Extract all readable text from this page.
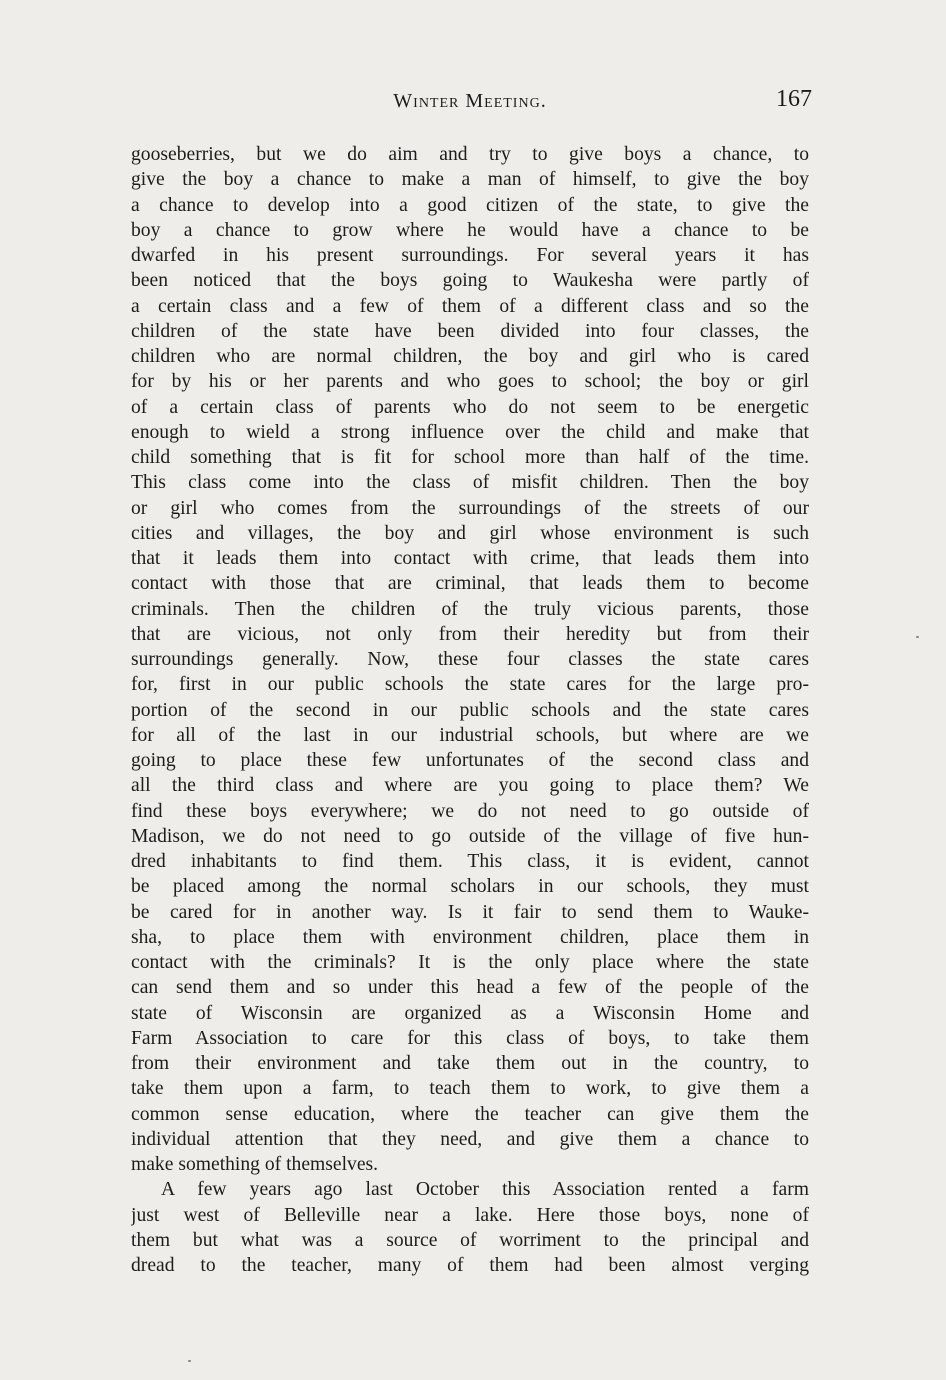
Winter Meeting.	167
gooseberries, but we do aim and try to give boys a chance, to
give the boy a chance to make a man of himself, to give the boy
a chance to develop into a good citizen of the state, to give the
boy a chance to grow where he would have a chance to be
dwarfed in his present surroundings. For several years it has
been noticed that the boys going to Waukesha were partly of
a certain class and a few of them of a different class and so the
children of the state have been divided into four classes, the
children who are normal children, the boy and girl who is cared
for by his or her parents and who goes to school; the boy or girl
of a certain class of parents who do not seem to be energetic
enough to wield a strong influence over the child and make that
child something that is fit for school more than half of the time.
This class come into the class of misfit children. Then the boy
or girl who comes from the surroundings of the streets of our
cities and villages, the boy and girl whose environment is such
that it leads them into contact with crime, that leads them into
contact with those that are criminal, that leads them to become
criminals. Then the children of the truly vicious parents, those
that are vicious, not only from their heredity but from their
surroundings generally. Now, these four classes the state cares
for, first in our public schools the state cares for the large pro-
portion of the second in our public schools and the state cares
for all of the last in our industrial schools, but where are we
going to place these few unfortunates of the second class and
all the third class and where are you going to place them? We
find these boys everywhere; we do not need to go outside of
Madison, we do not need to go outside of the village of five hun-
dred inhabitants to find them. This class, it is evident, cannot
be placed among the normal scholars in our schools, they must
be cared for in another way. Is it fair to send them to Wauke-
sha, to place them with environment children, place them in
contact with the criminals? It is the only place where the state
can send them and so under this head a few of the people of the
state of Wisconsin are organized as a Wisconsin Home and
Farm Association to care for this class of boys, to take them
from their environment and take them out in the country, to
take them upon a farm, to teach them to work, to give them a
common sense education, where the teacher can give them the
individual attention that they need, and give them a chance to
make something of themselves.
A few years ago last October this Association rented a farm
just west of Belleville near a lake. Here those boys, none of
them but what was a source of worriment to the principal and
dread to the teacher, many of them had been almost verging
